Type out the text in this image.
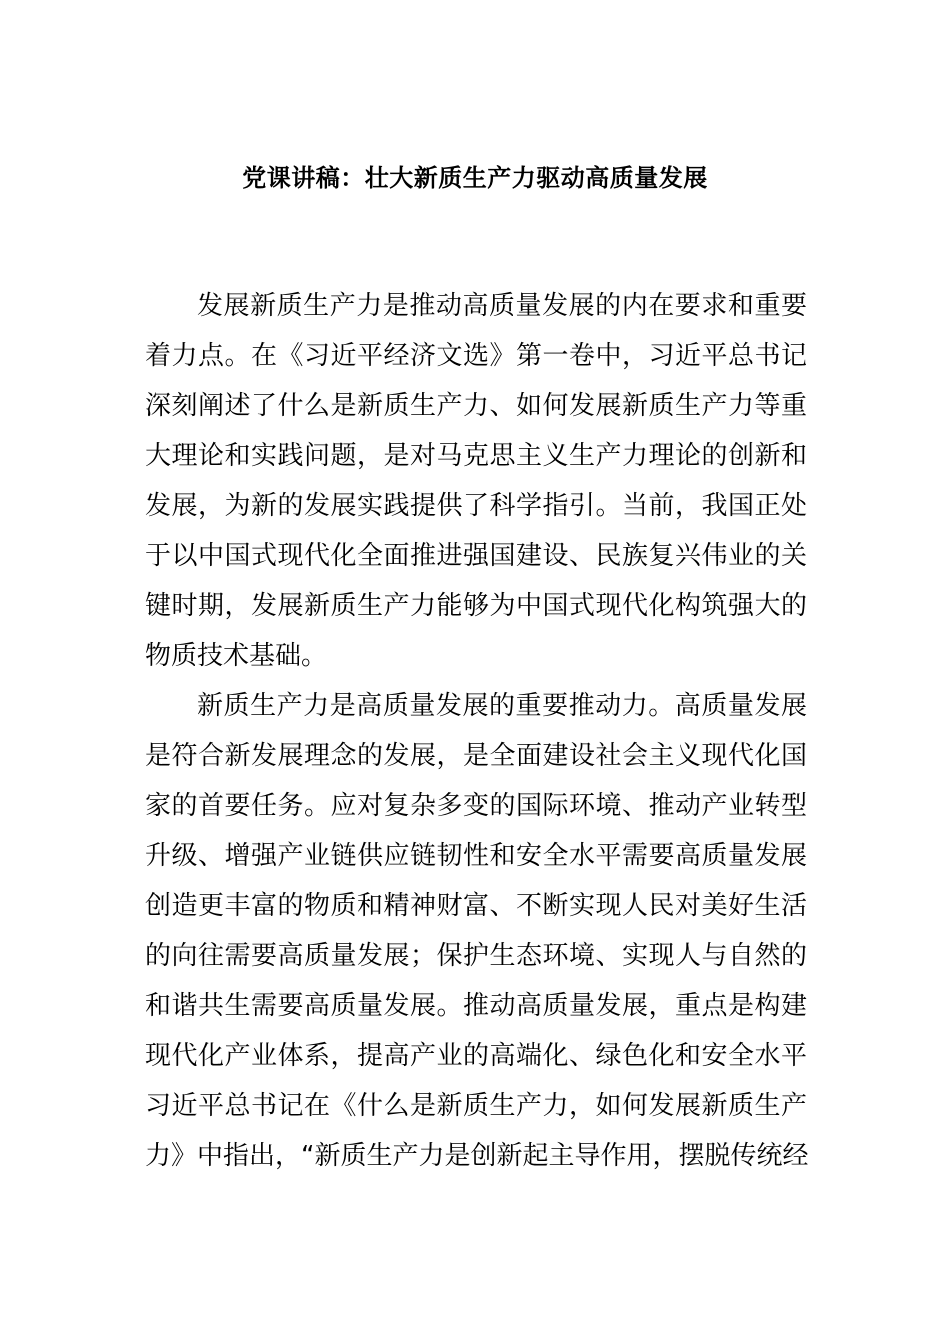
党课讲稿：壮大新质生产力驱动高质量发展

发展新质生产力是推动高质量发展的内在要求和重要
着力点。在《习近平经济文选》第一卷中，习近平总书记
深刻阐述了什么是新质生产力、如何发展新质生产力等重
大理论和实践问题，是对马克思主义生产力理论的创新和
发展，为新的发展实践提供了科学指引。当前，我国正处
于以中国式现代化全面推进强国建设、民族复兴伟业的关
键时期，发展新质生产力能够为中国式现代化构筑强大的
物质技术基础。

新质生产力是高质量发展的重要推动力。高质量发展
是符合新发展理念的发展，是全面建设社会主义现代化国
家的首要任务。应对复杂多变的国际环境、推动产业转型
升级、增强产业链供应链韧性和安全水平需要高质量发展
创造更丰富的物质和精神财富、不断实现人民对美好生活
的向往需要高质量发展；保护生态环境、实现人与自然的
和谐共生需要高质量发展。推动高质量发展，重点是构建
现代化产业体系，提高产业的高端化、绿色化和安全水平
习近平总书记在《什么是新质生产力，如何发展新质生产
力》中指出，“新质生产力是创新起主导作用，摆脱传统经
